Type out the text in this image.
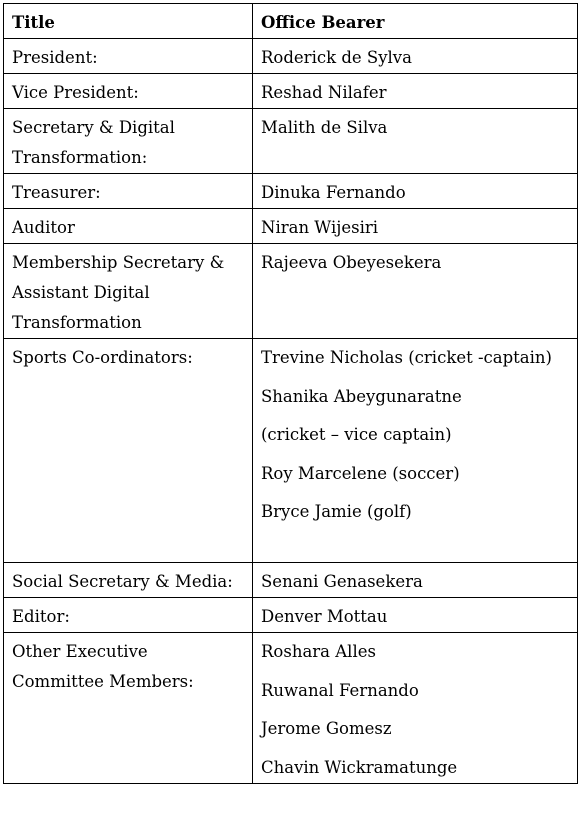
Title	Office Bearer

President:	Roderick de Sylva

Vice President:	Reshad Nilafer

Secretary & Digital
Transformation:	Malith de Silva

Treasurer:	Dinuka Fernando

Auditor	Niran Wijesiri

Membership Secretary &
Assistant Digital
Transformation	Rajeeva Obeyesekera

Sports Co-ordinators:	Trevine Nicholas (cricket -captain)
Shanika Abeygunaratne
(cricket – vice captain)
Roy Marcelene (soccer)
Bryce Jamie (golf)

Social Secretary & Media:	Senani Genasekera

Editor:	Denver Mottau

Other Executive
Committee Members:	Roshara Alles
Ruwanal Fernando
Jerome Gomesz
Chavin Wickramatunge
